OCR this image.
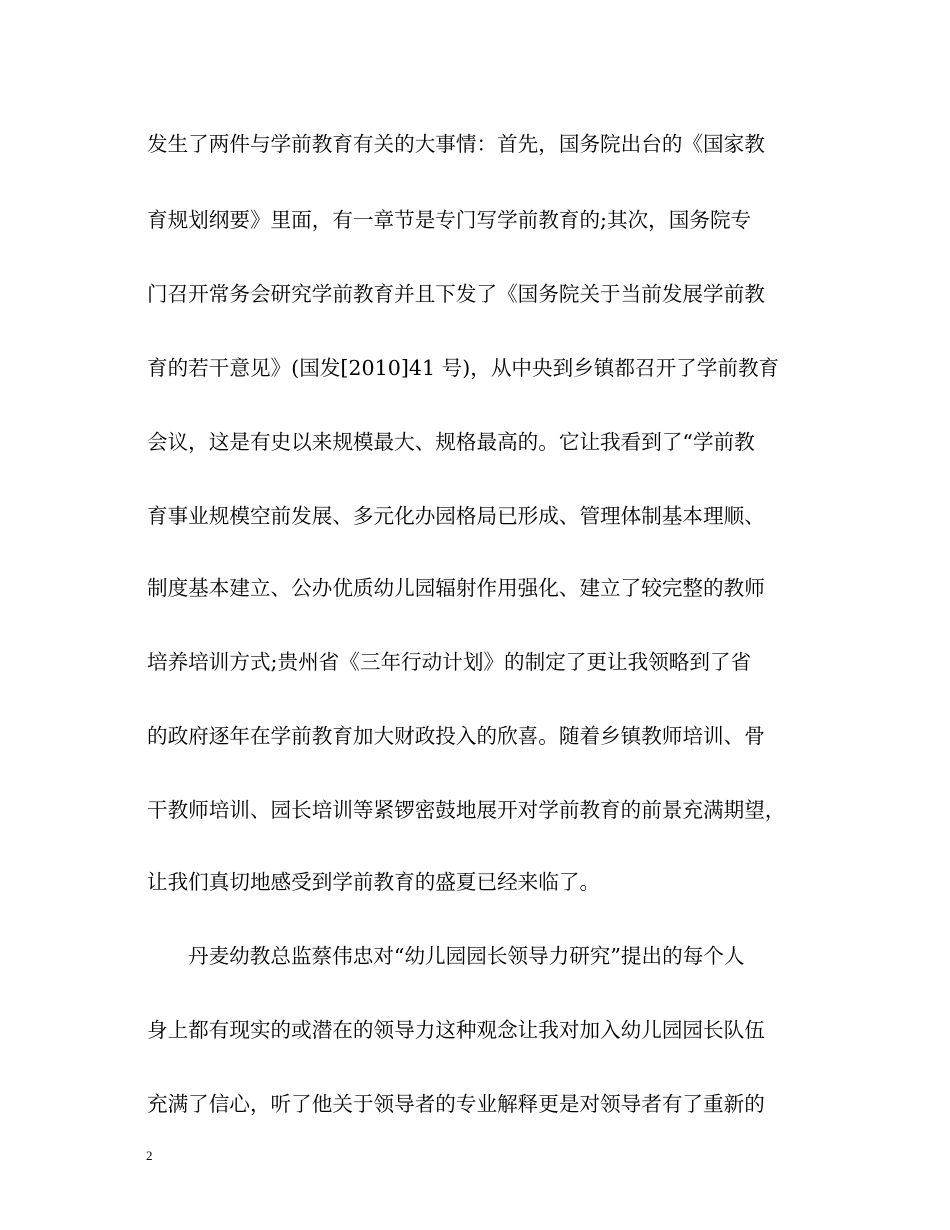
发生了两件与学前教育有关的大事情：首先，国务院出台的《国家教
育规划纲要》里面，有一章节是专门写学前教育的;其次，国务院专
门召开常务会研究学前教育并且下发了《国务院关于当前发展学前教
育的若干意见》(国发[2010]41 号)，从中央到乡镇都召开了学前教育
会议，这是有史以来规模最大、规格最高的。它让我看到了“学前教
育事业规模空前发展、多元化办园格局已形成、管理体制基本理顺、
制度基本建立、公办优质幼儿园辐射作用强化、建立了较完整的教师
培养培训方式;贵州省《三年行动计划》的制定了更让我领略到了省
的政府逐年在学前教育加大财政投入的欣喜。随着乡镇教师培训、骨
干教师培训、园长培训等紧锣密鼓地展开对学前教育的前景充满期望，
让我们真切地感受到学前教育的盛夏已经来临了。
丹麦幼教总监蔡伟忠对“幼儿园园长领导力研究”提出的每个人
身上都有现实的或潜在的领导力这种观念让我对加入幼儿园园长队伍
充满了信心，听了他关于领导者的专业解释更是对领导者有了重新的
2
